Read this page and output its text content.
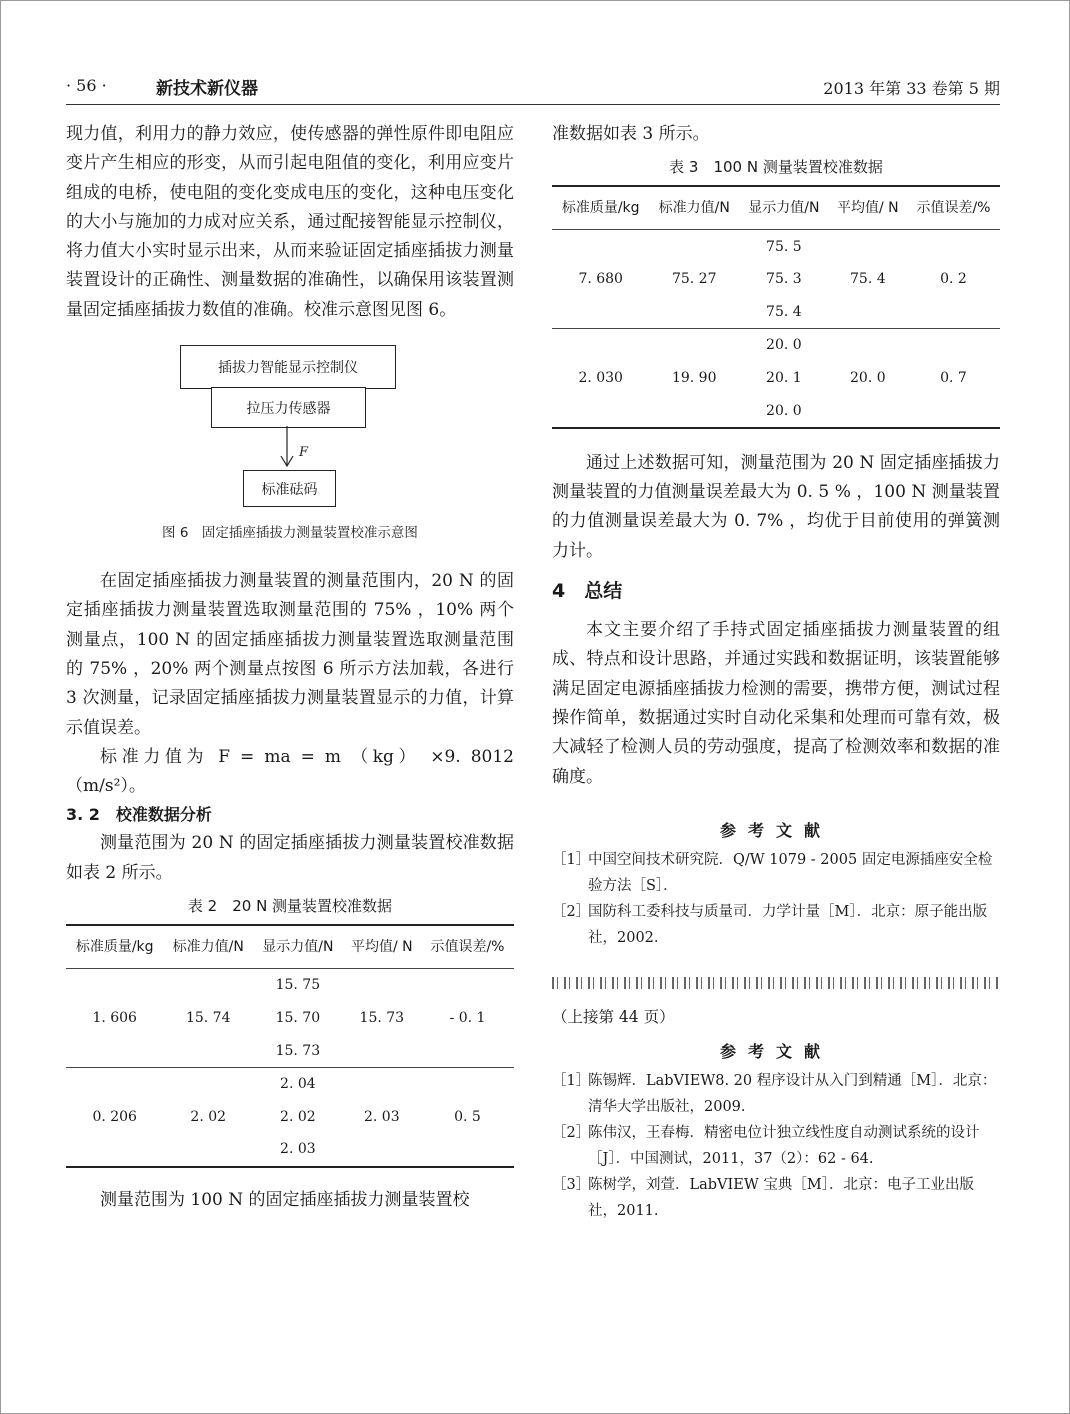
· 56 ·	新技术新仪器	2013 年第 33 卷第 5 期

现力值，利用力的静力效应，使传感器的弹性原件即电阻应变片产生相应的形变，从而引起电阻值的变化，利用应变片组成的电桥，使电阻的变化变成电压的变化，这种电压变化的大小与施加的力成对应关系，通过配接智能显示控制仪，将力值大小实时显示出来，从而来验证固定插座插拔力测量装置设计的正确性、测量数据的准确性，以确保用该装置测量固定插座插拔力数值的准确。校准示意图见图 6。

插拔力智能显示控制仪
拉压力传感器
F
标准砝码

图 6　固定插座插拔力测量装置校准示意图

在固定插座插拔力测量装置的测量范围内，20 N 的固定插座插拔力测量装置选取测量范围的 75% ，10% 两个测量点，100 N 的固定插座插拔力测量装置选取测量范围的 75% ，20% 两个测量点按图 6 所示方法加载，各进行 3 次测量，记录固定插座插拔力测量装置显示的力值，计算示值误差。

标准力值为 F = ma = m （kg） ×9. 8012 （m/s²）。

3. 2　校准数据分析

测量范围为 20 N 的固定插座插拔力测量装置校准数据如表 2 所示。

表 2　20 N 测量装置校准数据
标准质量/kg	标准力值/N	显示力值/N	平均值/ N	示值误差/%
1. 606	15. 74	15. 75	15. 73	- 0. 1
		15. 70		
		15. 73		
0. 206	2. 02	2. 04	2. 03	0. 5
		2. 02		
		2. 03		

测量范围为 100 N 的固定插座插拔力测量装置校

准数据如表 3 所示。

表 3　100 N 测量装置校准数据
标准质量/kg	标准力值/N	显示力值/N	平均值/ N	示值误差/%
7. 680	75. 27	75. 5	75. 4	0. 2
		75. 3		
		75. 4		
2. 030	19. 90	20. 0	20. 0	0. 7
		20. 1		
		20. 0		

通过上述数据可知，测量范围为 20 N 固定插座插拔力测量装置的力值测量误差最大为 0. 5 % ，100 N 测量装置的力值测量误差最大为 0. 7% ，均优于目前使用的弹簧测力计。

4　总结

本文主要介绍了手持式固定插座插拔力测量装置的组成、特点和设计思路，并通过实践和数据证明，该装置能够满足固定电源插座插拔力检测的需要，携带方便，测试过程操作简单，数据通过实时自动化采集和处理而可靠有效，极大减轻了检测人员的劳动强度，提高了检测效率和数据的准确度。

参考文献
［1］
中国空间技术研究院．Q/W 1079 - 2005 固定电源插座安全检验方法［S］．
［2］
国防科工委科技与质量司．力学计量［M］．北京：原子能出版社，2002.

（上接第 44 页）

参考文献
［1］
陈锡辉．LabVIEW8. 20 程序设计从入门到精通［M］．北京：清华大学出版社，2009.
［2］
陈伟汉，王春梅．精密电位计独立线性度自动测试系统的设计［J］．中国测试，2011，37（2）：62 - 64.
［3］
陈树学，刘萱．LabVIEW 宝典［M］．北京：电子工业出版社，2011.
